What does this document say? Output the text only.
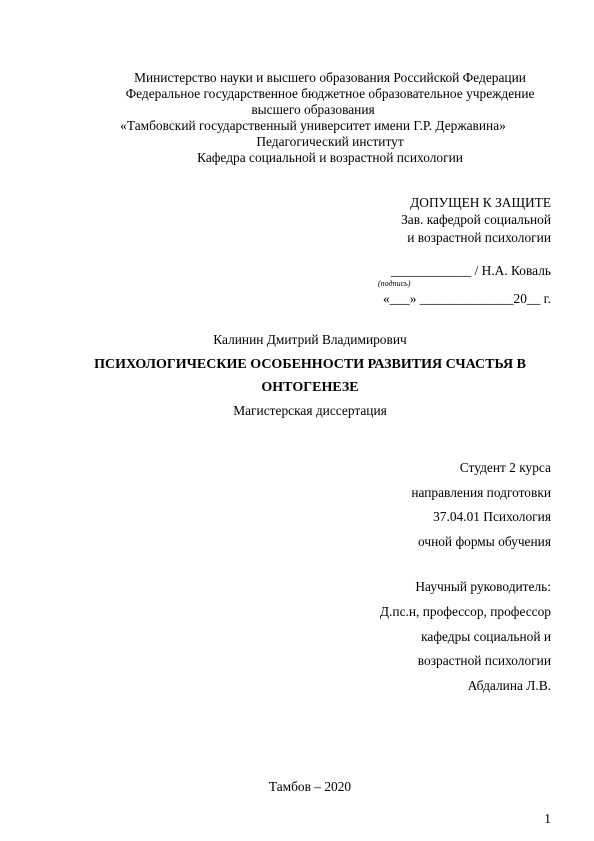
Министерство науки и высшего образования Российской Федерации
Федеральное государственное бюджетное образовательное учреждение
высшего образования
«Тамбовский государственный университет имени Г.Р. Державина»
Педагогический институт
Кафедра социальной и возрастной психологии
ДОПУЩЕН К ЗАЩИТЕ
Зав. кафедрой социальной
и возрастной психологии
____________ / Н.А. Коваль
(подпись)
«___» ______________20__ г.
Калинин Дмитрий Владимирович
ПСИХОЛОГИЧЕСКИЕ ОСОБЕННОСТИ РАЗВИТИЯ СЧАСТЬЯ В
ОНТОГЕНЕЗЕ
Магистерская диссертация
Студент 2 курса
направления подготовки
37.04.01 Психология
очной формы обучения
Научный руководитель:
Д.пс.н, профессор, профессор
кафедры социальной и
возрастной психологии
Абдалина Л.В.
Тамбов – 2020
1
